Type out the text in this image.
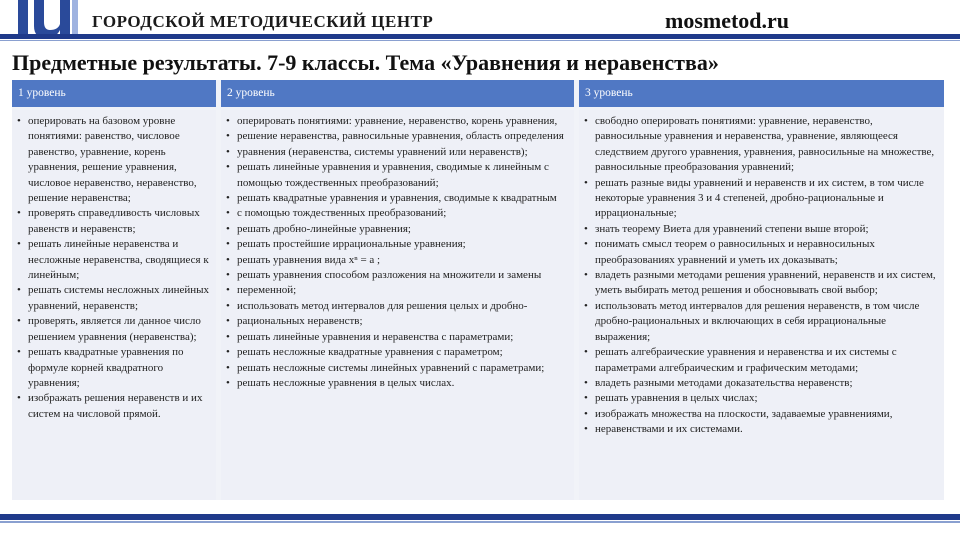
ГОРОДСКОЙ МЕТОДИЧЕСКИЙ ЦЕНТР	mosmetod.ru
Предметные результаты. 7-9 классы. Тема «Уравнения и неравенства»
1 уровень	2 уровень	3 уровень
• оперировать на базовом уровне понятиями: равенство, числовое равенство, уравнение, корень уравнения, решение уравнения, числовое неравенство, неравенство, решение неравенства;
• проверять справедливость числовых равенств и неравенств;
• решать линейные неравенства и несложные неравенства, сводящиеся к линейным;
• решать системы несложных линейных уравнений, неравенств;
• проверять, является ли данное число решением уравнения (неравенства);
• решать квадратные уравнения по формуле корней квадратного уравнения;
• изображать решения неравенств и их систем на числовой прямой.
• оперировать понятиями: уравнение, неравенство, корень уравнения,
• решение неравенства, равносильные уравнения, область определения
• уравнения (неравенства, системы уравнений или неравенств);
• решать линейные уравнения и уравнения, сводимые к линейным с помощью тождественных преобразований;
• решать квадратные уравнения и уравнения, сводимые к квадратным
• с помощью тождественных преобразований;
• решать дробно-линейные уравнения;
• решать простейшие иррациональные уравнения;
• решать уравнения вида xⁿ = a ;
• решать уравнения способом разложения на множители и замены
• переменной;
• использовать метод интервалов для решения целых и дробно-
• рациональных неравенств;
• решать линейные уравнения и неравенства с параметрами;
• решать несложные квадратные уравнения с параметром;
• решать несложные системы линейных уравнений с параметрами;
• решать несложные уравнения в целых числах.
• свободно оперировать понятиями: уравнение, неравенство, равносильные уравнения и неравенства, уравнение, являющееся следствием другого уравнения, уравнения, равносильные на множестве, равносильные преобразования уравнений;
• решать разные виды уравнений и неравенств и их систем, в том числе некоторые уравнения 3 и 4 степеней, дробно-рациональные и иррациональные;
• знать теорему Виета для уравнений степени выше второй;
• понимать смысл теорем о равносильных и неравносильных преобразованиях уравнений и уметь их доказывать;
• владеть разными методами решения уравнений, неравенств и их систем, уметь выбирать метод решения и обосновывать свой выбор;
• использовать метод интервалов для решения неравенств, в том числе дробно-рациональных и включающих в себя иррациональные выражения;
• решать алгебраические уравнения и неравенства и их системы с параметрами алгебраическим и графическим методами;
• владеть разными методами доказательства неравенств;
• решать уравнения в целых числах;
• изображать множества на плоскости, задаваемые уравнениями,
• неравенствами и их системами.
